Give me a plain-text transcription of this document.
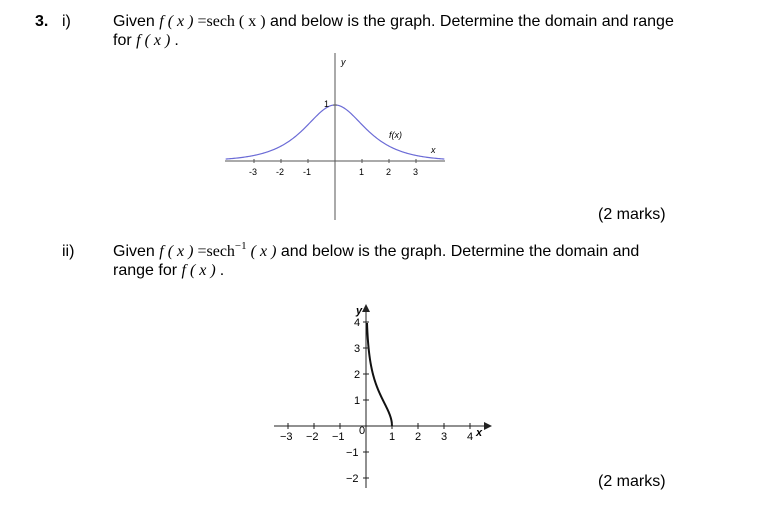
3. i)	Given f ( x ) =sech ( x ) and below is the graph. Determine the domain and range
for f ( x ) .
y
x
f(x)
1
-3 -2 -1	1 2 3
(2 marks)
ii) Given f ( x ) =sech$^{-1}$ ( x ) and below is the graph. Determine the domain and
range for f ( x ) .
y
x
0
−3 −2 −1	1 2 3 4
1
2
3
4
−1
−2	(2 marks)
